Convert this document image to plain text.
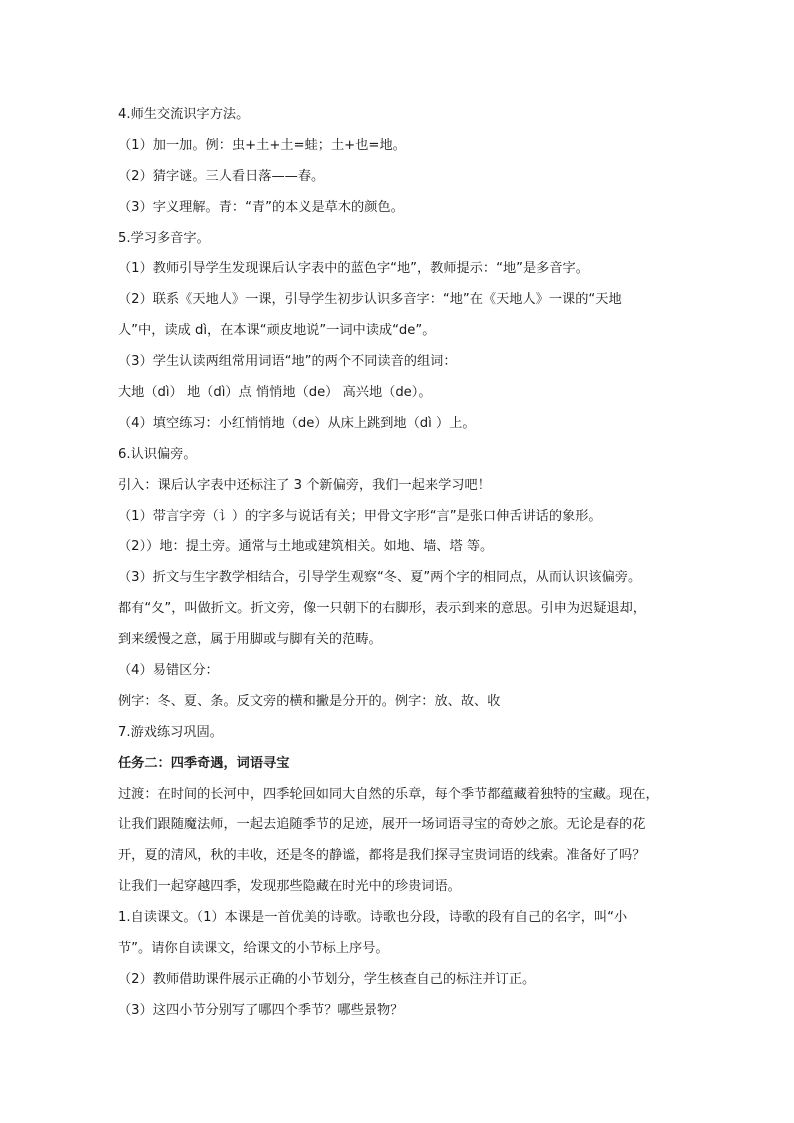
4.师生交流识字方法。
（1）加一加。例：虫+土+土=蛙；土+也=地。
（2）猜字谜。三人看日落——春。
（3）字义理解。青：“青”的本义是草木的颜色。
5.学习多音字。
（1）教师引导学生发现课后认字表中的蓝色字“地”，教师提示：“地”是多音字。
（2）联系《天地人》一课，引导学生初步认识多音字：“地”在《天地人》一课的“天地
人”中，读成 dì，在本课“顽皮地说”一词中读成“de”。
（3）学生认读两组常用词语“地”的两个不同读音的组词：
大地（dì） 地（dì）点 悄悄地（de） 高兴地（de）。
（4）填空练习：小红悄悄地（de）从床上跳到地（dì ）上。
6.认识偏旁。
引入：课后认字表中还标注了 3 个新偏旁，我们一起来学习吧！
（1）带言字旁（讠）的字多与说话有关；甲骨文字形“言”是张口伸舌讲话的象形。
（2））地：提土旁。通常与土地或建筑相关。如地、墙、塔 等。
（3）折文与生字教学相结合，引导学生观察“冬、夏”两个字的相同点，从而认识该偏旁。
都有“夂”，叫做折文。折文旁，像一只朝下的右脚形，表示到来的意思。引申为迟疑退却，
到来缓慢之意，属于用脚或与脚有关的范畴。
（4）易错区分：
例字：冬、夏、条。反文旁的横和撇是分开的。例字：放、故、收
7.游戏练习巩固。
任务二：四季奇遇，词语寻宝
过渡：在时间的长河中，四季轮回如同大自然的乐章，每个季节都蕴藏着独特的宝藏。现在，
让我们跟随魔法师，一起去追随季节的足迹，展开一场词语寻宝的奇妙之旅。无论是春的花
开，夏的清风，秋的丰收，还是冬的静谧，都将是我们探寻宝贵词语的线索。准备好了吗？
让我们一起穿越四季，发现那些隐藏在时光中的珍贵词语。
1.自读课文。（1）本课是一首优美的诗歌。诗歌也分段，诗歌的段有自己的名字，叫“小
节”。请你自读课文，给课文的小节标上序号。
（2）教师借助课件展示正确的小节划分，学生核查自己的标注并订正。
（3）这四小节分别写了哪四个季节？哪些景物？
